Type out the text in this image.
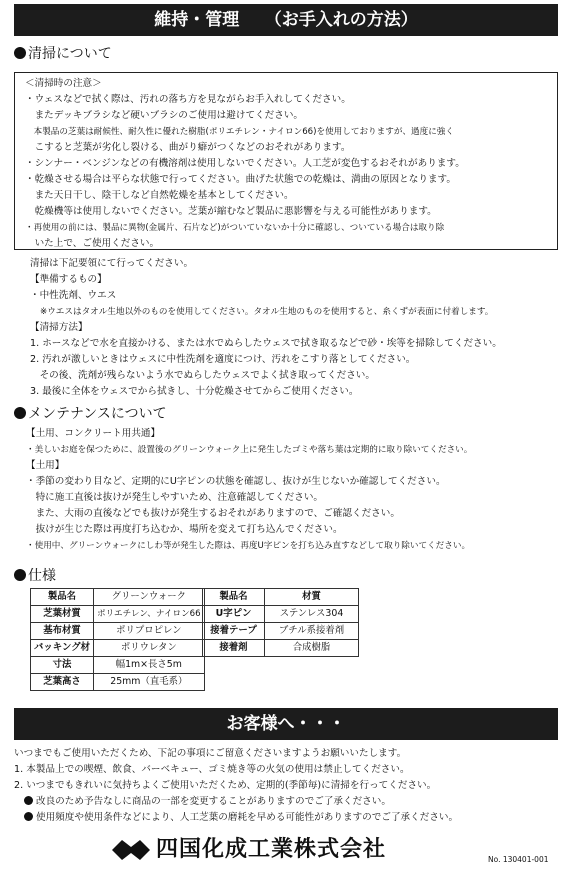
維持・管理　　（お手入れの方法）
清掃について
＜清掃時の注意＞
・ウェスなどで拭く際は、汚れの落ち方を見ながらお手入れしてください。
　またデッキブラシなど硬いブラシのご使用は避けてください。
　本製品の芝葉は耐候性、耐久性に優れた樹脂(ポリエチレン・ナイロン66)を使用しておりますが、過度に強く
　こすると芝葉が劣化し裂ける、曲がり癖がつくなどのおそれがあります。
・シンナー・ベンジンなどの有機溶剤は使用しないでください。人工芝が変色するおそれがあります。
・乾燥させる場合は平らな状態で行ってください。曲げた状態での乾燥は、満曲の原因となります。
　また天日干し、陰干しなど自然乾燥を基本としてください。
　乾燥機等は使用しないでください。芝葉が縮むなど製品に悪影響を与える可能性があります。
・再使用の前には、製品に異物(金属片、石片など)がついていないか十分に確認し、ついている場合は取り除
　いた上で、ご使用ください。
清掃は下記要領にて行ってください。
【準備するもの】
・中性洗剤、ウエス
※ウエスはタオル生地以外のものを使用してください。タオル生地のものを使用すると、糸くずが表面に付着します。
【清掃方法】
1. ホースなどで水を直接かける、または水でぬらしたウェスで拭き取るなどで砂・埃等を掃除してください。
2. 汚れが激しいときはウェスに中性洗剤を適度につけ、汚れをこすり落としてください。
　その後、洗剤が残らないよう水でぬらしたウェスでよく拭き取ってください。
3. 最後に全体をウェスでから拭きし、十分乾燥させてからご使用ください。
メンテナンスについて
【土用、コンクリート用共通】
・美しいお庭を保つために、設置後のグリーンウォーク上に発生したゴミや落ち葉は定期的に取り除いてください。
【土用】
・季節の変わり目など、定期的にU字ピンの状態を確認し、抜けが生じないか確認してください。
　特に施工直後は抜けが発生しやすいため、注意確認してください。
　また、大雨の直後などでも抜けが発生するおそれがありますので、ご確認ください。
　抜けが生じた際は再度打ち込むか、場所を変えて打ち込んでください。
・使用中、グリーンウォークにしわ等が発生した際は、再度U字ピンを打ち込み直すなどして取り除いてください。
仕様
製品名	グリーンウォーク
芝葉材質	ポリエチレン、ナイロン66
基布材質	ポリプロピレン
バッキング材	ポリウレタン
寸法	幅1m×長さ5m
芝葉高さ	25mm（直毛系）
製品名	材質
U字ピン	ステンレス304
接着テープ	ブチル系接着剤
接着剤	合成樹脂
お客様へ・・・
いつまでもご使用いただくため、下記の事項にご留意くださいますようお願いいたします。
1. 本製品上での喫煙、飲食、バーベキュー、ゴミ焼き等の火気の使用は禁止してください。
2. いつまでもきれいに気持ちよくご使用いただくため、定期的(季節毎)に清掃を行ってください。
改良のため予告なしに商品の一部を変更することがありますのでご了承ください。
使用頻度や使用条件などにより、人工芝葉の磨耗を早める可能性がありますのでご了承ください。
四国化成工業株式会社	No. 130401-001
